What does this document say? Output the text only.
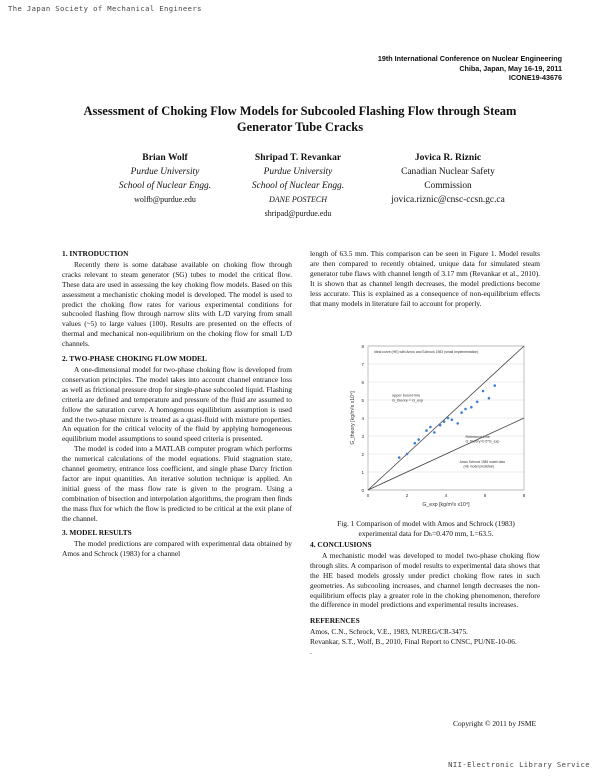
The Japan Society of Mechanical Engineers
19th International Conference on Nuclear Engineering
Chiba, Japan, May 16-19, 2011
ICONE19-43676
Assessment of Choking Flow Models for Subcooled Flashing Flow through Steam
Generator Tube Cracks
Brian Wolf
Purdue University
School of Nuclear Engg.
wolfb@purdue.edu
Shripad T. Revankar
Purdue University
School of Nuclear Engg.
DANE POSTECH
shripad@purdue.edu
Jovica R. Riznic
Canadian Nuclear Safety
Commission
jovica.riznic@cnsc-ccsn.gc.ca
1. INTRODUCTION

Recently there is some database available on choking flow through cracks relevant to steam generator (SG) tubes to model the critical flow. These data are used in assessing the key choking flow models. Based on this assessment a mechanistic choking model is developed. The model is used to predict the choking flow rates for various experimental conditions for subcooled flashing flow through narrow slits with L/D varying from small values (~5) to large values (100). Results are presented on the effects of thermal and mechanical non-equilibrium on the choking flow for small L/D channels.

2. TWO-PHASE CHOKING FLOW MODEL

A one-dimensional model for two-phase choking flow is developed from conservation principles. The model takes into account channel entrance loss as well as frictional pressure drop for single-phase subcooled liquid. Flashing criteria are defined and temperature and pressure of the fluid are assumed to follow the saturation curve. A homogenous equilibrium assumption is used and the two-phase mixture is treated as a quasi-fluid with mixture properties. An equation for the critical velocity of the fluid by applying homogeneous equilibrium model assumptions to sound speed criteria is presented.

The model is coded into a MATLAB computer program which performs the numerical calculations of the model equations. Fluid stagnation state, channel geometry, entrance loss coefficient, and single phase Darcy friction factor are input quantities. An iterative solution technique is applied. An initial guess of the mass flow rate is given to the program. Using a combination of bisection and interpolation algorithms, the program then finds the mass flux for which the flow is predicted to be critical at the exit plane of the channel.

3. MODEL RESULTS

The model predictions are compared with experimental data obtained by Amos and Schrock (1983) for a channel

length of 63.5 mm. This comparison can be seen in Figure 1. Model results are then compared to recently obtained, unique data for simulated steam generator tube flaws with channel length of 3.17 mm (Revankar et al., 2010). It is shown that as channel length decreases, the model predictions become less accurate. This is explained as a consequence of non-equilibrium effects that many models in literature fail to account for properly.

0
1
2
3
4
5
6
7
8
0	2	4	6	8
Ideal curve (HE) with Amos and Schrock 1983 (small Implementation)
upper bound line
G_theory = G_exp
Reference Line
G_theory=0.5*G_exp
Amos Schrock 1983 model data
(HE model prediction)
G_exp [kg/m²s x10⁴]
G_theory [kg/m²s x10⁴]
Fig. 1 Comparison of model with Amos and Schrock (1983)
experimental data for Dₕ=0.470 mm, L=63.5.
4. CONCLUSIONS

A mechanistic model was developed to model two-phase choking flow through slits. A comparison of model results to experimental data shows that the HE based models grossly under predict choking flow rates in such geometries. As subcooling increases, and channel length decreases the non-equilibrium effects play a greater role in the choking phenomenon, therefore the difference in model predictions and experimental results increases.

REFERENCES

Amos, C.N., Schrock, V.E., 1983, NUREG/CR-3475.

Revankar, S.T., Wolf, B., 2010, Final Report to CNSC, PU/NE-10-06.

.

Copyright © 2011 by JSME
NII-Electronic Library Service
